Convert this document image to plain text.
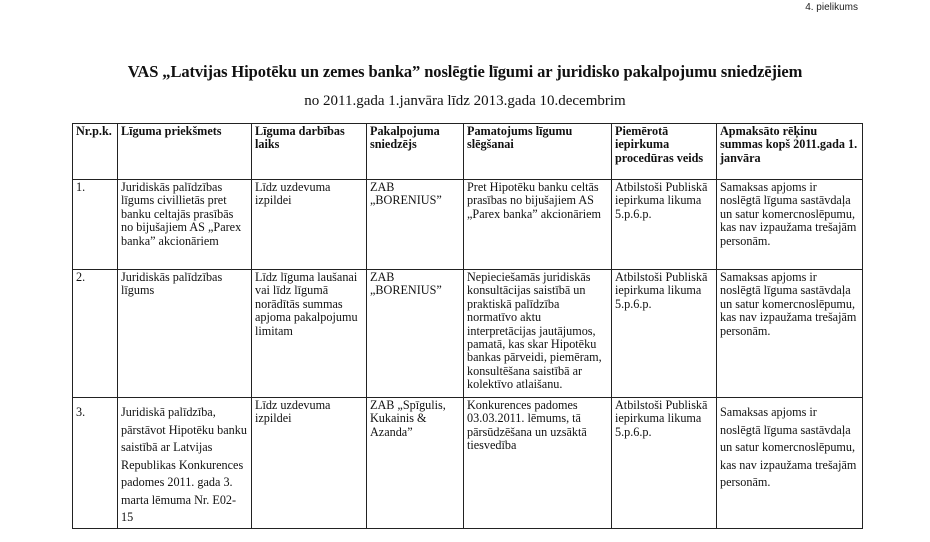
4. pielikums
VAS „Latvijas Hipotēku un zemes banka” noslēgtie līgumi ar juridisko pakalpojumu sniedzējiem
no 2011.gada 1.janvāra līdz 2013.gada 10.decembrim
Nr.p.k.	Līguma priekšmets	Līguma darbības laiks	Pakalpojuma sniedzējs	Pamatojums līgumu slēgšanai	Piemērotā iepirkuma procedūras veids	Apmaksāto rēķinu summas kopš 2011.gada 1. janvāra
1.	Juridiskās palīdzības līgums civillietās pret banku celtajās prasībās no bijušajiem AS „Parex banka” akcionāriem	Līdz uzdevuma izpildei	ZAB „BORENIUS”	Pret Hipotēku banku celtās prasības no bijušajiem AS „Parex banka” akcionāriem	Atbilstoši Publiskā iepirkuma likuma 5.p.6.p.	Samaksas apjoms ir noslēgtā līguma sastāvdaļa un satur komercnoslēpumu, kas nav izpaužama trešajām personām.
2.	Juridiskās palīdzības līgums	Līdz līguma laušanai vai līdz līgumā norādītās summas apjoma pakalpojumu limitam	ZAB „BORENIUS”	Nepieciešamās juridiskās konsultācijas saistībā un praktiskā palīdzība normatīvo aktu interpretācijas jautājumos, pamatā, kas skar Hipotēku bankas pārveidi, piemēram, konsultēšana saistībā ar kolektīvo atlaišanu.	Atbilstoši Publiskā iepirkuma likuma 5.p.6.p.	Samaksas apjoms ir noslēgtā līguma sastāvdaļa un satur komercnoslēpumu, kas nav izpaužama trešajām personām.
3.	Juridiskā palīdzība, pārstāvot Hipotēku banku saistībā ar Latvijas Republikas Konkurences padomes 2011. gada 3. marta lēmuma Nr. E02-15	Līdz uzdevuma izpildei	ZAB „Spīgulis, Kukainis & Azanda”	Konkurences padomes 03.03.2011. lēmums, tā pārsūdzēšana un uzsāktā tiesvedība	Atbilstoši Publiskā iepirkuma likuma 5.p.6.p.	Samaksas apjoms ir noslēgtā līguma sastāvdaļa un satur komercnoslēpumu, kas nav izpaužama trešajām personām.
